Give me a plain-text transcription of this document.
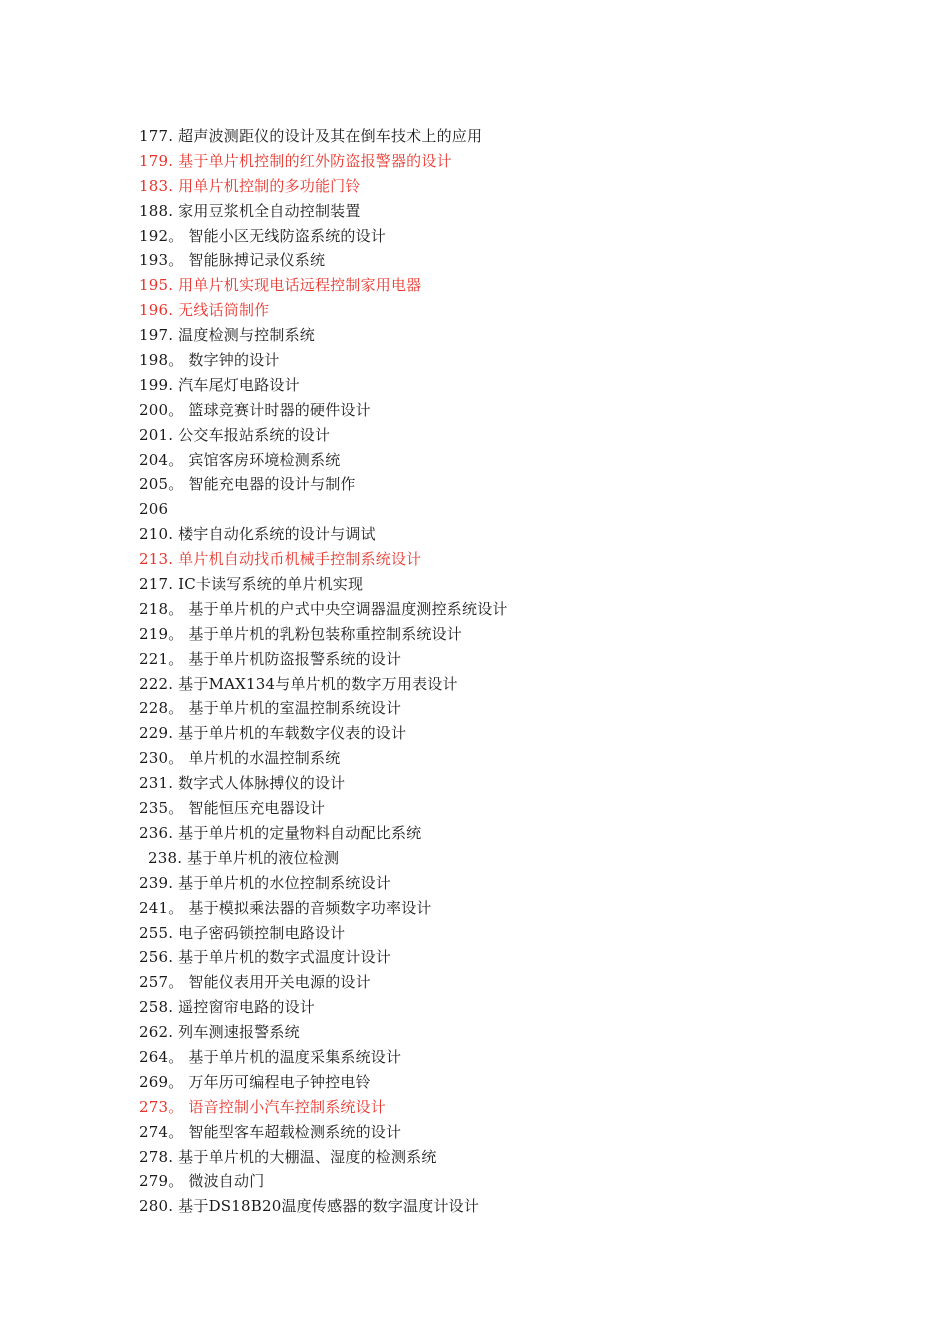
177. 超声波测距仪的设计及其在倒车技术上的应用
179. 基于单片机控制的红外防盗报警器的设计
183. 用单片机控制的多功能门铃
188. 家用豆浆机全自动控制装置
192。 智能小区无线防盗系统的设计
193。 智能脉搏记录仪系统
195. 用单片机实现电话远程控制家用电器
196. 无线话筒制作
197. 温度检测与控制系统
198。 数字钟的设计
199. 汽车尾灯电路设计
200。 篮球竞赛计时器的硬件设计
201. 公交车报站系统的设计
204。 宾馆客房环境检测系统
205。 智能充电器的设计与制作
206
210. 楼宇自动化系统的设计与调试
213. 单片机自动找币机械手控制系统设计
217. IC卡读写系统的单片机实现
218。 基于单片机的户式中央空调器温度测控系统设计
219。 基于单片机的乳粉包装称重控制系统设计
221。 基于单片机防盗报警系统的设计
222. 基于MAX134与单片机的数字万用表设计
228。 基于单片机的室温控制系统设计
229. 基于单片机的车载数字仪表的设计
230。 单片机的水温控制系统
231. 数字式人体脉搏仪的设计
235。 智能恒压充电器设计
236. 基于单片机的定量物料自动配比系统
238. 基于单片机的液位检测
239. 基于单片机的水位控制系统设计
241。 基于模拟乘法器的音频数字功率设计
255. 电子密码锁控制电路设计
256. 基于单片机的数字式温度计设计
257。 智能仪表用开关电源的设计
258. 遥控窗帘电路的设计
262. 列车测速报警系统
264。 基于单片机的温度采集系统设计
269。 万年历可编程电子钟控电铃
273。 语音控制小汽车控制系统设计
274。 智能型客车超载检测系统的设计
278. 基于单片机的大棚温、湿度的检测系统
279。 微波自动门
280. 基于DS18B20温度传感器的数字温度计设计
